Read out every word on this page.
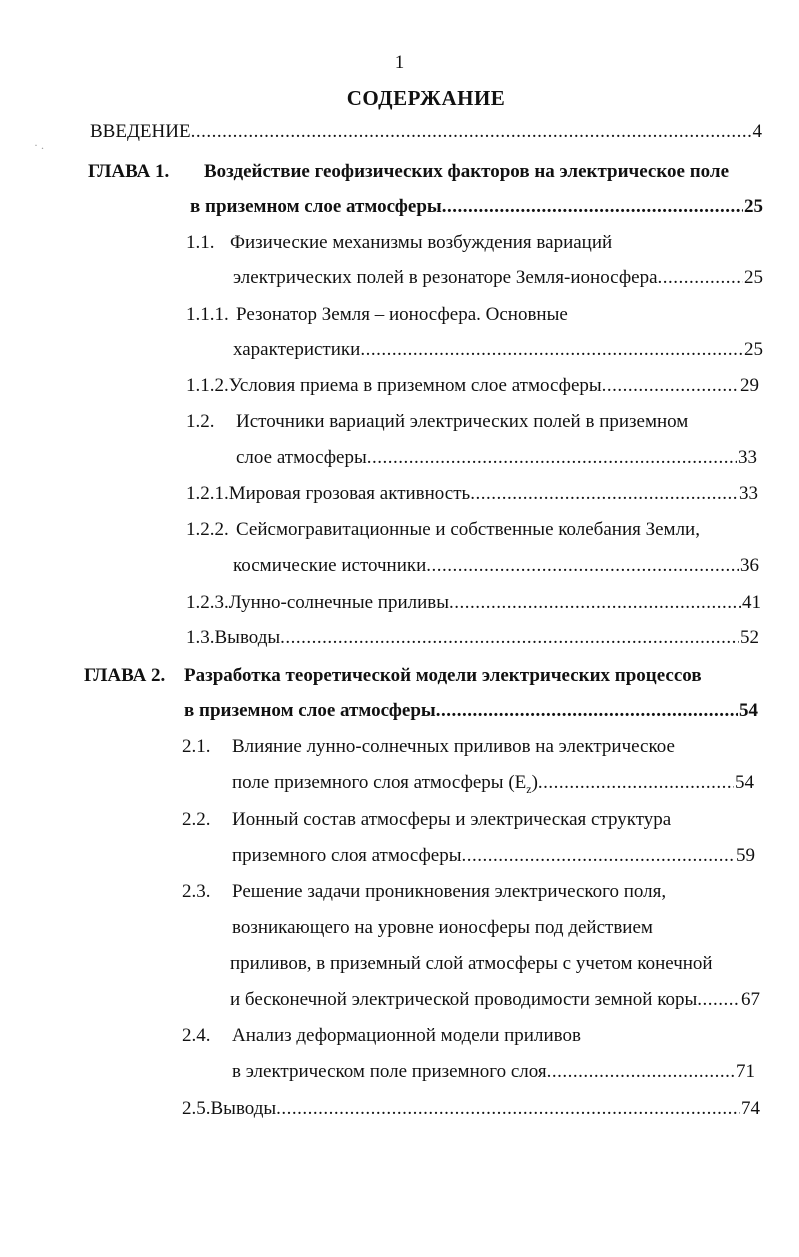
1
СОДЕРЖАНИЕ
· .
ВВЕДЕНИЕ .....	4
ГЛАВА 1. Воздействие геофизических факторов на электрическое поле
в приземном слое атмосферы .....	25
1.1. Физические механизмы возбуждения вариаций
электрических полей в резонаторе Земля-ионосфера .....	25
1.1.1. Резонатор Земля – ионосфера. Основные
характеристики .....	25
1.1.2. Условия приема в приземном слое атмосферы .....	29
1.2. Источники вариаций электрических полей в приземном
слое атмосферы .....	33
1.2.1. Мировая грозовая активность .....	33
1.2.2. Сейсмогравитационные и собственные колебания Земли,
космические источники .....	36
1.2.3. Лунно-солнечные приливы .....	41
1.3. Выводы .....	52
ГЛАВА 2. Разработка теоретической модели электрических процессов
в приземном слое атмосферы .....	54
2.1. Влияние лунно-солнечных приливов на электрическое
поле приземного слоя атмосферы $(E_z)$ .....	54
2.2. Ионный состав атмосферы и электрическая структура
приземного слоя атмосферы .....	59
2.3. Решение задачи проникновения электрического поля,
возникающего на уровне ионосферы под действием
приливов, в приземный слой атмосферы с учетом конечной
и бесконечной электрической проводимости земной коры ..... 67
2.4. Анализ деформационной модели приливов
в электрическом поле приземного слоя .....	71
2.5. Выводы .....	74
